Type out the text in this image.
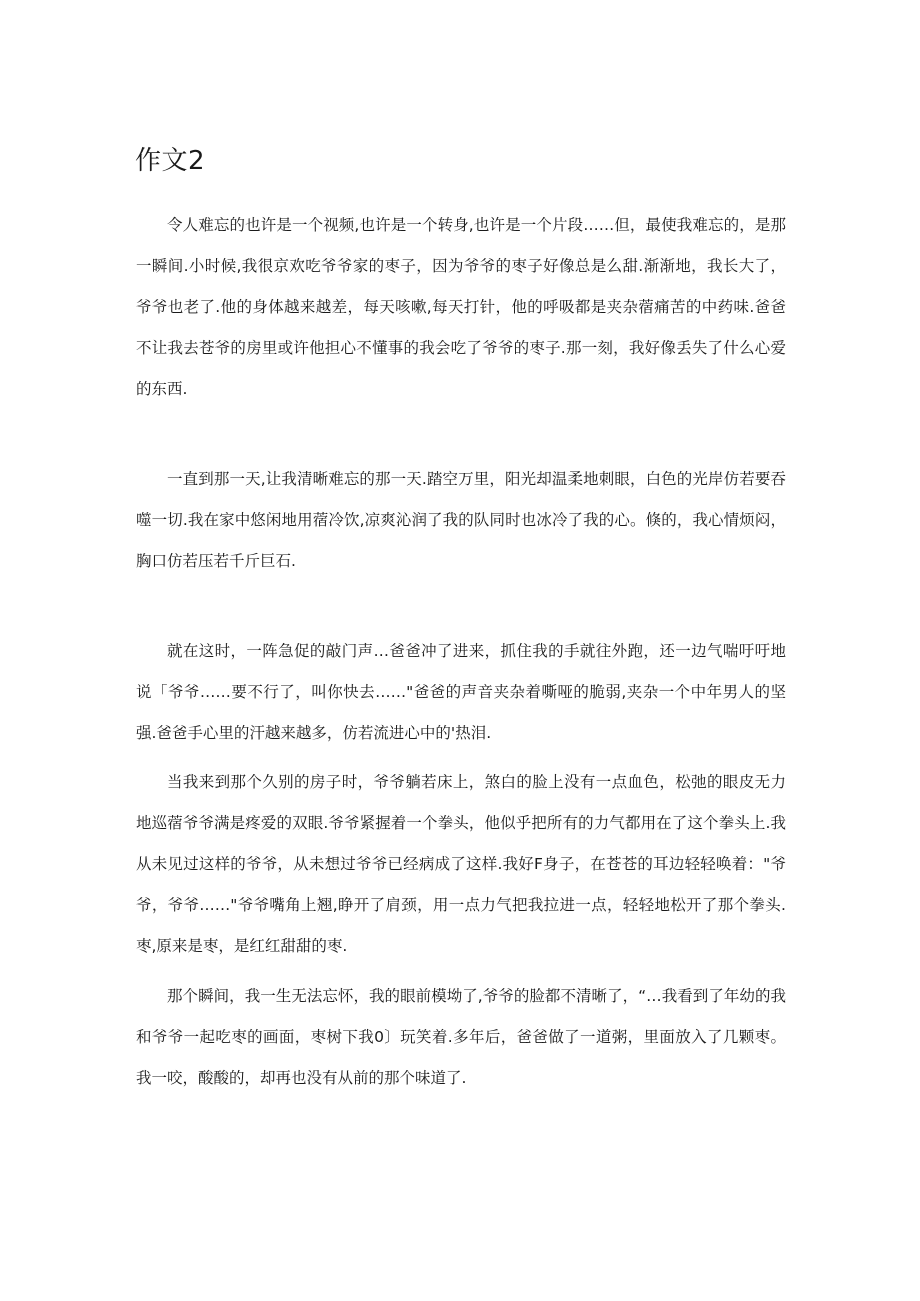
作文2

令人难忘的也许是一个视频,也许是一个转身,也许是一个片段……但，最使我难忘的，是那一瞬间.小时候,我很京欢吃爷爷家的枣子，因为爷爷的枣子好像总是么甜.渐渐地，我长大了，爷爷也老了.他的身体越来越差，每天咳嗽,每天打针，他的呼吸都是夹杂蓿痛苦的中药味.爸爸不让我去苍爷的房里或许他担心不懂事的我会吃了爷爷的枣子.那一刻，我好像丢失了什么心爱的东西.

一直到那一天,让我清晰难忘的那一天.踏空万里，阳光却温柔地刺眼，白色的光岸仿若要吞噬一切.我在家中悠闲地用蓿冷饮,凉爽沁润了我的队同时也冰冷了我的心。倏的，我心情烦闷，胸口仿若压若千斤巨石.

就在这时，一阵急促的敲门声…爸爸冲了进来，抓住我的手就往外跑，还一边气喘吁吁地说「爷爷……要不行了，叫你快去……"爸爸的声音夹杂着嘶哑的脆弱,夹杂一个中年男人的坚强.爸爸手心里的汗越来越多，仿若流进心中的'热泪.

当我来到那个久别的房子时，爷爷躺若床上，煞白的脸上没有一点血色，松弛的眼皮无力地巡蓿爷爷满是疼爱的双眼.爷爷紧握着一个拳头，他似乎把所有的力气都用在了这个拳头上.我从未见过这样的爷爷，从未想过爷爷已经病成了这样.我好F身子，在苍苍的耳边轻轻唤着："爷爷，爷爷……"爷爷嘴角上翘,睁开了肩颈，用一点力气把我拉进一点，轻轻地松开了那个拳头.枣,原来是枣，是红红甜甜的枣.

那个瞬间，我一生无法忘怀，我的眼前模坳了,爷爷的脸都不清晰了，“…我看到了年幼的我和爷爷一起吃枣的画面，枣树下我0〕玩笑着.多年后，爸爸做了一道粥，里面放入了几颗枣。我一咬，酸酸的，却再也没有从前的那个味道了.
